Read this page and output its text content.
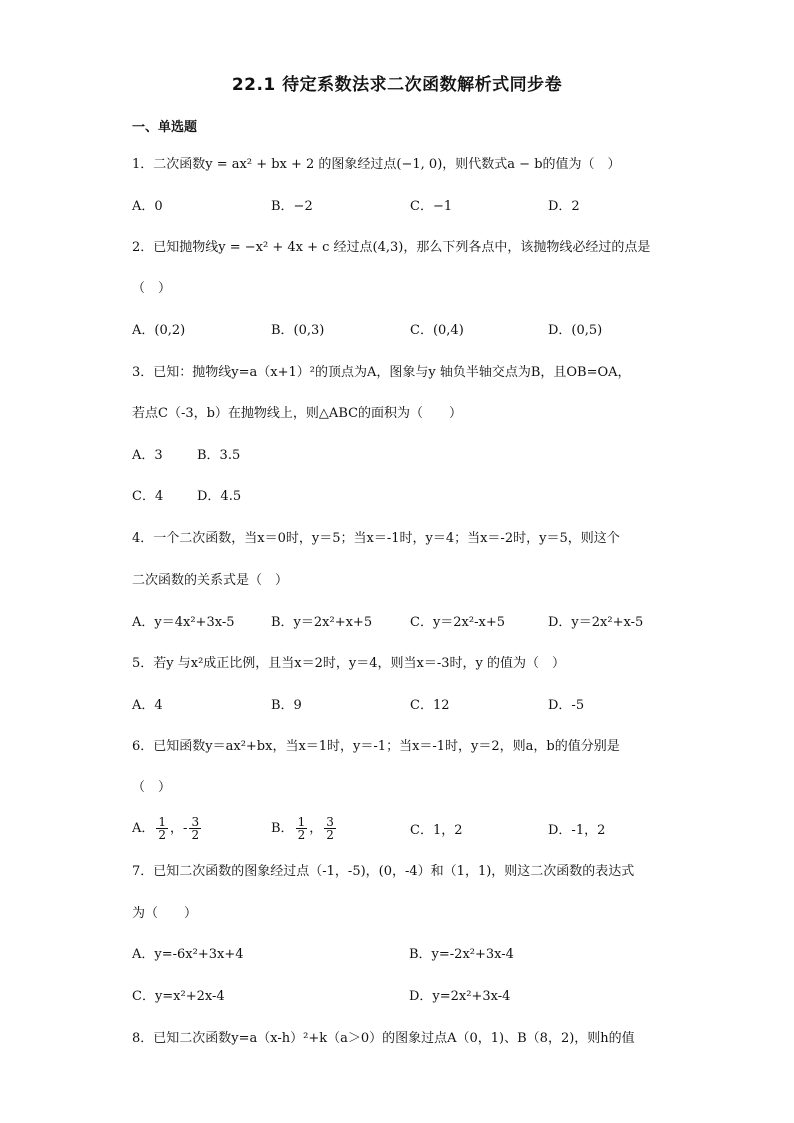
22.1 待定系数法求二次函数解析式同步卷
一、单选题
1．二次函数y = ax² + bx + 2 的图象经过点(−1, 0)，则代数式a − b的值为（　）
A．0	B．−2	C．−1	D．2
2．已知抛物线y = −x² + 4x + c 经过点(4,3)，那么下列各点中，该抛物线必经过的点是
（　）
A．(0,2)	B．(0,3)	C．(0,4)	D．(0,5)
3．已知：抛物线y=a（x+1）²的顶点为A，图象与y 轴负半轴交点为B，且OB=OA，
若点C（-3，b）在抛物线上，则△ABC的面积为（　　）
A．3	B．3.5
C．4	D．4.5
4．一个二次函数，当x＝0时，y＝5；当x＝-1时，y＝4；当x＝-2时，y＝5，则这个
二次函数的关系式是（　）
A．y＝4x²+3x-5	B．y＝2x²+x+5	C．y＝2x²-x+5	D．y＝2x²+x-5
5．若y 与x²成正比例，且当x＝2时，y＝4，则当x＝-3时，y 的值为（　）
A．4	B．9	C．12	D．-5
6．已知函数y＝ax²+bx，当x＝1时，y＝-1；当x＝-1时，y＝2，则a，b的值分别是
（　）
A． $\frac{1}{2}$ ，- $\frac{3}{2}$	B． $\frac{1}{2}$ ， $\frac{3}{2}$	C．1，2	D．-1，2
7．已知二次函数的图象经过点（-1，-5)，(0，-4）和（1，1)，则这二次函数的表达式
为（　　）
A．y=-6x²+3x+4	B．y=-2x²+3x-4
C．y=x²+2x-4	D．y=2x²+3x-4
8．已知二次函数y=a（x-h）²+k（a＞0）的图象过点A（0，1)、B（8，2)，则h的值
